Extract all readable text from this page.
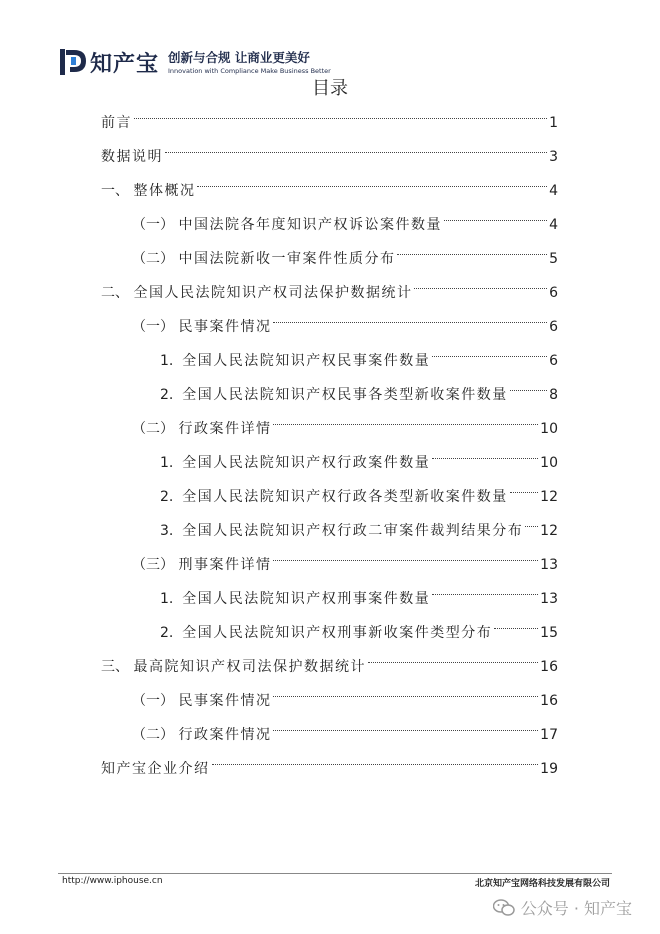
知产宝 创新与合规 让商业更美好
Innovation with Compliance Make Business Better
目录
前言	1
数据说明	3
一、 整体概况	4
（一） 中国法院各年度知识产权诉讼案件数量	4
（二） 中国法院新收一审案件性质分布	5
二、 全国人民法院知识产权司法保护数据统计	6
（一） 民事案件情况	6
1. 全国人民法院知识产权民事案件数量	6
2. 全国人民法院知识产权民事各类型新收案件数量	8
（二） 行政案件详情	10
1. 全国人民法院知识产权行政案件数量	10
2. 全国人民法院知识产权行政各类型新收案件数量 12
3. 全国人民法院知识产权行政二审案件裁判结果分布 12
（三） 刑事案件详情	13
1. 全国人民法院知识产权刑事案件数量	13
2. 全国人民法院知识产权刑事新收案件类型分布	15
三、 最高院知识产权司法保护数据统计	16
（一） 民事案件情况	16
（二） 行政案件情况	17
知产宝企业介绍	19
http://www.iphouse.cn	北京知产宝网络科技发展有限公司
公众号 · 知产宝
